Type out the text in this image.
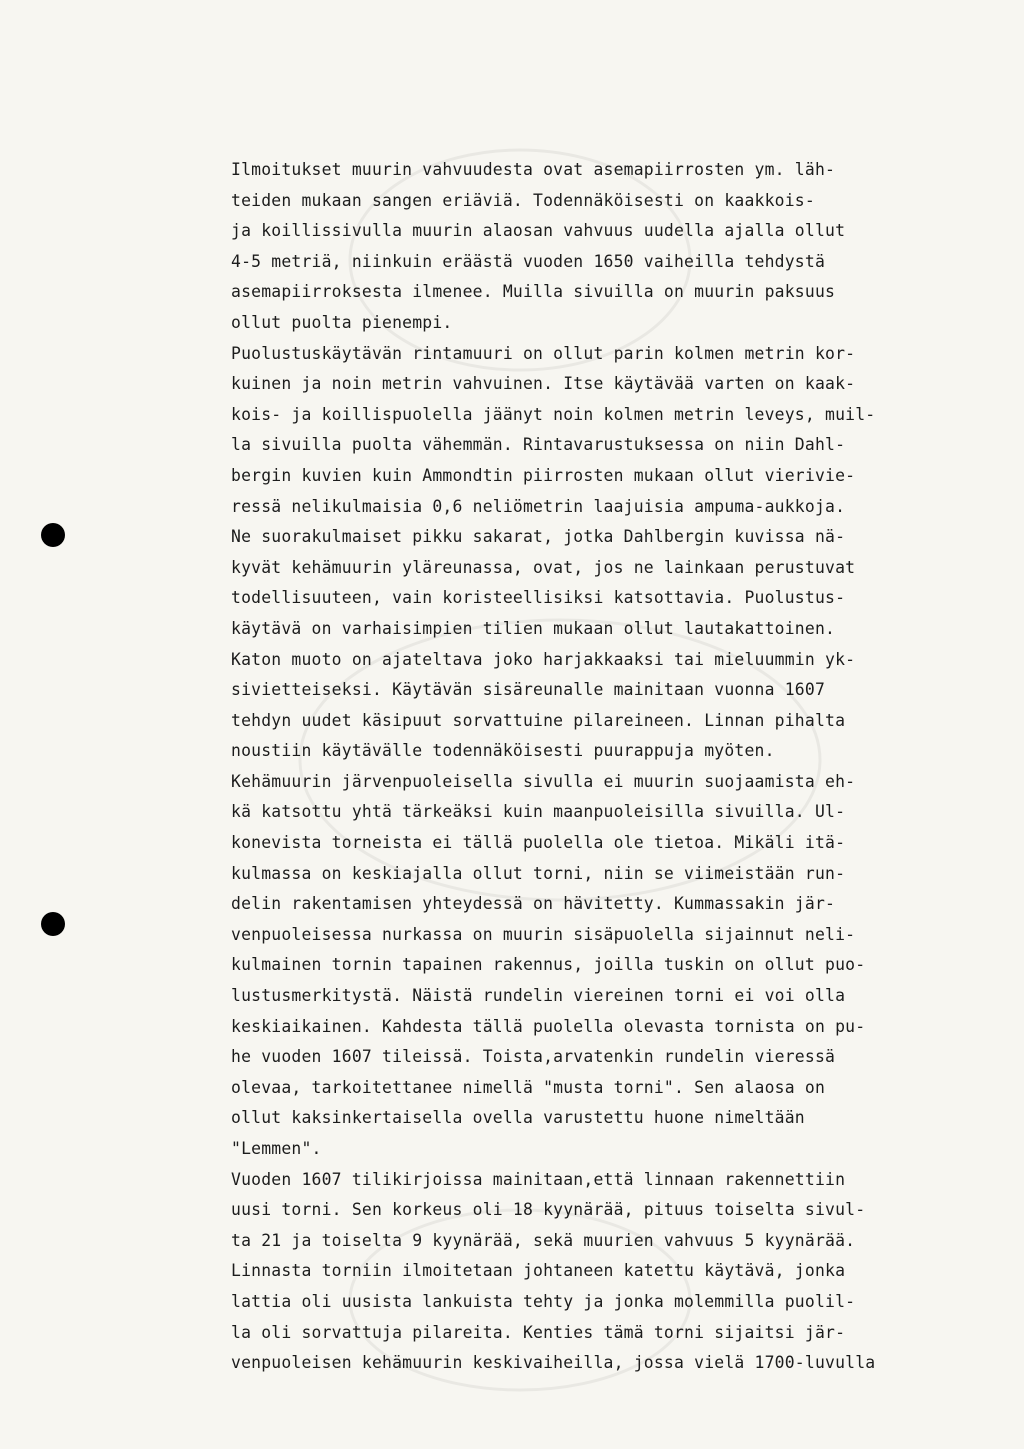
Ilmoitukset muurin vahvuudesta ovat asemapiirrosten ym. läh-
teiden mukaan sangen eriäviä. Todennäköisesti on kaakkois-
ja koillissivulla muurin alaosan vahvuus uudella ajalla ollut
4-5 metriä, niinkuin eräästä vuoden 1650 vaiheilla tehdystä
asemapiirroksesta ilmenee. Muilla sivuilla on muurin paksuus
ollut puolta pienempi.
Puolustuskäytävän rintamuuri on ollut parin kolmen metrin kor-
kuinen ja noin metrin vahvuinen. Itse käytävää varten on kaak-
kois- ja koillispuolella jäänyt noin kolmen metrin leveys, muil-
la sivuilla puolta vähemmän. Rintavarustuksessa on niin Dahl-
bergin kuvien kuin Ammondtin piirrosten mukaan ollut vierivie-
ressä nelikulmaisia 0,6 neliömetrin laajuisia ampuma-aukkoja.
Ne suorakulmaiset pikku sakarat, jotka Dahlbergin kuvissa nä-
kyvät kehämuurin yläreunassa, ovat, jos ne lainkaan perustuvat
todellisuuteen, vain koristeellisiksi katsottavia. Puolustus-
käytävä on varhaisimpien tilien mukaan ollut lautakattoinen.
Katon muoto on ajateltava joko harjakkaaksi tai mieluummin yk-
sivietteiseksi. Käytävän sisäreunalle mainitaan vuonna 1607
tehdyn uudet käsipuut sorvattuine pilareineen. Linnan pihalta
noustiin käytävälle todennäköisesti puurappuja myöten.
Kehämuurin järvenpuoleisella sivulla ei muurin suojaamista eh-
kä katsottu yhtä tärkeäksi kuin maanpuoleisilla sivuilla. Ul-
konevista torneista ei tällä puolella ole tietoa. Mikäli itä-
kulmassa on keskiajalla ollut torni, niin se viimeistään run-
delin rakentamisen yhteydessä on hävitetty. Kummassakin jär-
venpuoleisessa nurkassa on muurin sisäpuolella sijainnut neli-
kulmainen tornin tapainen rakennus, joilla tuskin on ollut puo-
lustusmerkitystä. Näistä rundelin viereinen torni ei voi olla
keskiaikainen. Kahdesta tällä puolella olevasta tornista on pu-
he vuoden 1607 tileissä. Toista,arvatenkin rundelin vieressä
olevaa, tarkoitettanee nimellä "musta torni". Sen alaosa on
ollut kaksinkertaisella ovella varustettu huone nimeltään
"Lemmen".
Vuoden 1607 tilikirjoissa mainitaan,että linnaan rakennettiin
uusi torni. Sen korkeus oli 18 kyynärää, pituus toiselta sivul-
ta 21 ja toiselta 9 kyynärää, sekä muurien vahvuus 5 kyynärää.
Linnasta torniin ilmoitetaan johtaneen katettu käytävä, jonka
lattia oli uusista lankuista tehty ja jonka molemmilla puolil-
la oli sorvattuja pilareita. Kenties tämä torni sijaitsi jär-
venpuoleisen kehämuurin keskivaiheilla, jossa vielä 1700-luvulla
